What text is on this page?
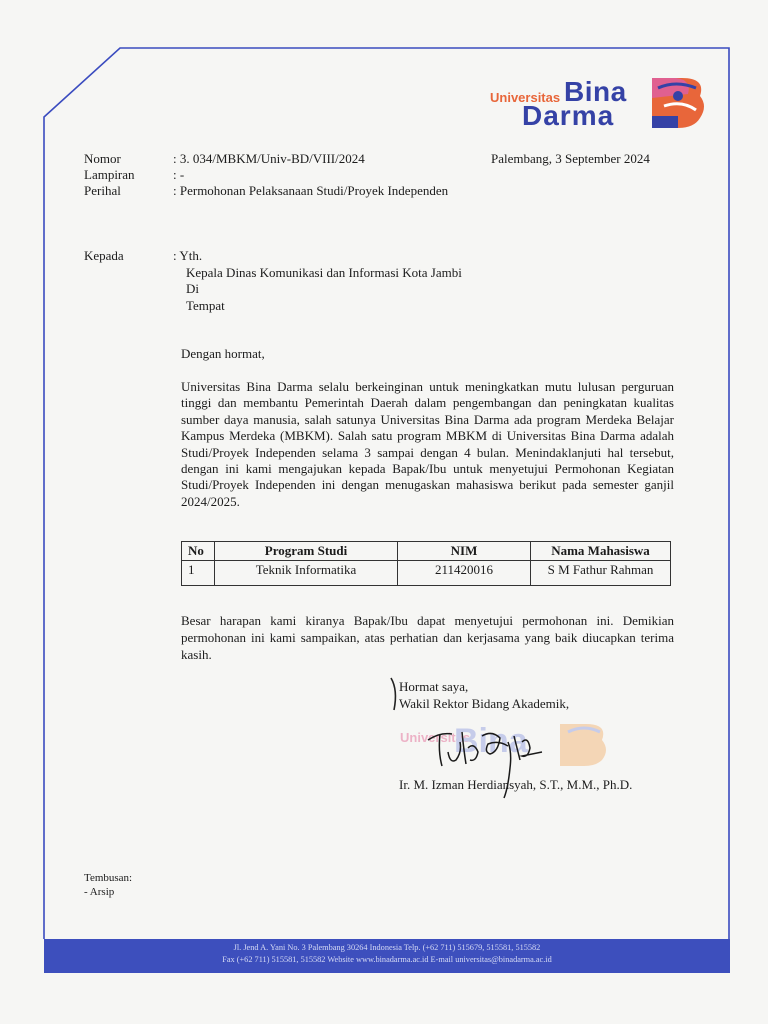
Universitas Bina
Darma
Nomor	: 3. 034/MBKM/Univ-BD/VIII/2024	Palembang, 3 September 2024
Lampiran	: -
Perihal	: Permohonan Pelaksanaan Studi/Proyek Independen
Kepada	: Yth.
Kepala Dinas Komunikasi dan Informasi Kota Jambi
Di
Tempat
Dengan hormat,
Universitas Bina Darma selalu berkeinginan untuk meningkatkan mutu lulusan perguruan tinggi dan membantu Pemerintah Daerah dalam pengembangan dan peningkatan kualitas sumber daya manusia, salah satunya Universitas Bina Darma ada program Merdeka Belajar Kampus Merdeka (MBKM). Salah satu program MBKM di Universitas Bina Darma adalah Studi/Proyek Independen selama 3 sampai dengan 4 bulan. Menindaklanjuti hal tersebut, dengan ini kami mengajukan kepada Bapak/Ibu untuk menyetujui Permohonan Kegiatan Studi/Proyek Independen ini dengan menugaskan mahasiswa berikut pada semester ganjil 2024/2025.
No	Program Studi	NIM	Nama Mahasiswa
1	Teknik Informatika	211420016	S M Fathur Rahman
Besar harapan kami kiranya Bapak/Ibu dapat menyetujui permohonan ini. Demikian permohonan ini kami sampaikan, atas perhatian dan kerjasama yang baik diucapkan terima kasih.
Hormat saya,
Wakil Rektor Bidang Akademik,
Universitas
Bina
Ir. M. Izman Herdiansyah, S.T., M.M., Ph.D.
Tembusan:
- Arsip
Jl. Jend A. Yani No. 3 Palembang 30264 Indonesia Telp. (+62 711) 515679, 515581, 515582
Fax (+62 711) 515581, 515582 Website www.binadarma.ac.id E-mail universitas@binadarma.ac.id
